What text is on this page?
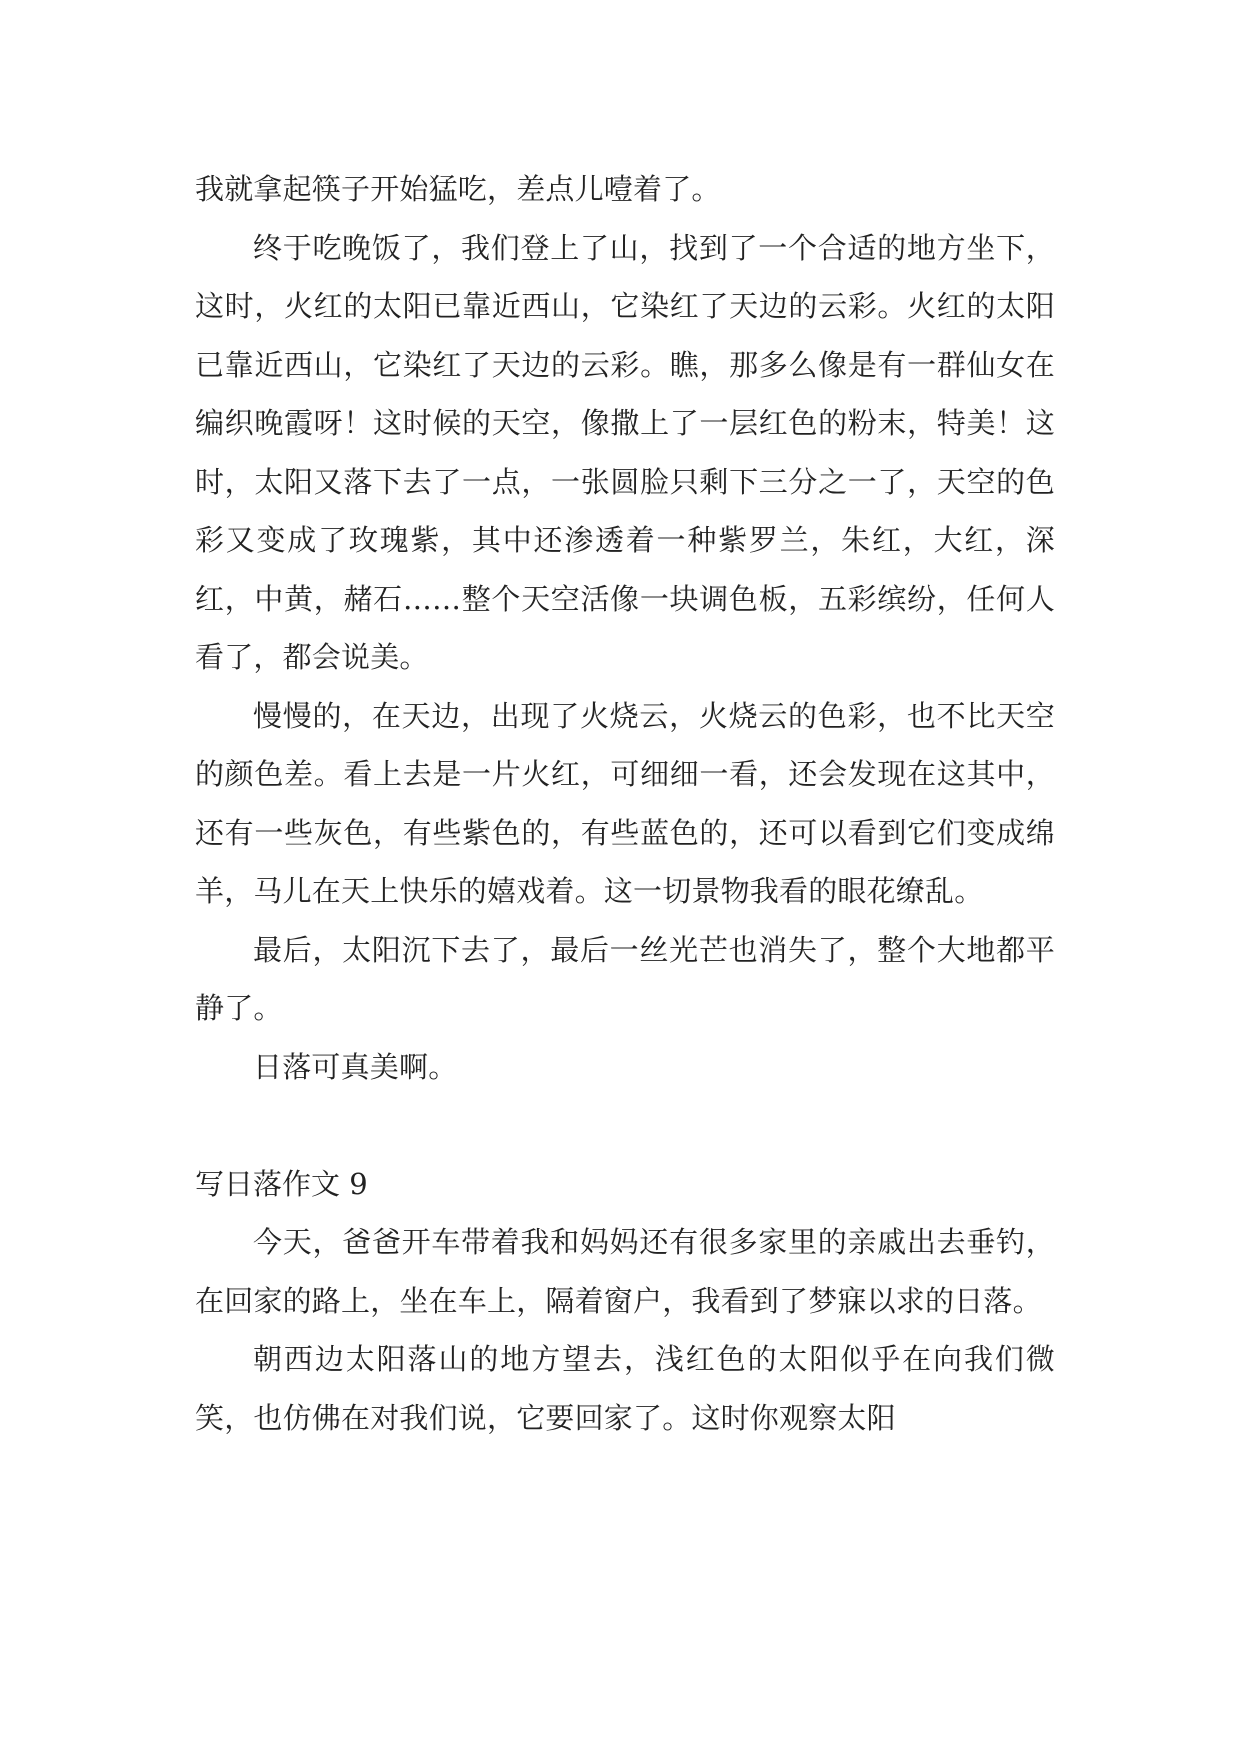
我就拿起筷子开始猛吃，差点儿噎着了。

终于吃晚饭了，我们登上了山，找到了一个合适的地方坐下，这时，火红的太阳已靠近西山，它染红了天边的云彩。火红的太阳已靠近西山，它染红了天边的云彩。瞧，那多么像是有一群仙女在编织晚霞呀！这时候的天空，像撒上了一层红色的粉末，特美！这时，太阳又落下去了一点，一张圆脸只剩下三分之一了，天空的色彩又变成了玫瑰紫，其中还渗透着一种紫罗兰，朱红，大红，深红，中黄，赭石……整个天空活像一块调色板，五彩缤纷，任何人看了，都会说美。

慢慢的，在天边，出现了火烧云，火烧云的色彩，也不比天空的颜色差。看上去是一片火红，可细细一看，还会发现在这其中，还有一些灰色，有些紫色的，有些蓝色的，还可以看到它们变成绵羊，马儿在天上快乐的嬉戏着。这一切景物我看的眼花缭乱。

最后，太阳沉下去了，最后一丝光芒也消失了，整个大地都平静了。

日落可真美啊。

写日落作文 9

今天，爸爸开车带着我和妈妈还有很多家里的亲戚出去垂钓，在回家的路上，坐在车上，隔着窗户，我看到了梦寐以求的日落。

朝西边太阳落山的地方望去，浅红色的太阳似乎在向我们微笑，也仿佛在对我们说，它要回家了。这时你观察太阳
